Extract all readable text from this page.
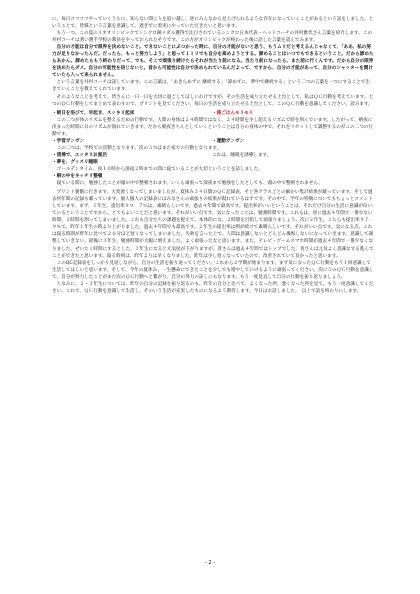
に、毎日コツコツやっていくうちに、知らない間に人を追い越し、逆にみんなから見上げられるような存在になっていくことがあるという話をしました。ということで、皆様という言葉を意識して、過ぎずに着実にやっていただきたいと思います。

もう一つ、この夏のリオオリンピックでシンクロ銅メダル獲得で注目されているシンクロ日本代表・ヘッドコーチの井村雅代さん言葉を紹介します。この井村コーチは著い選手学校の教員をやっておられたそうです。この方がオリンピックが終わった後に話した言葉を読んでみます。

自分の才能は自分で限界を決めないこと。できないことにぶつかった時に、自分の才能がないと思う、もうムリだと考えるんじゃなくて、「ああ、私の努力が足りなかったんだ。だったら、もっと努力しよう」と思って１ミリでも自分を高めようとする。諦めることはいつでもできるということ。だから諦めたらあかん。諦めたらもう終わりだって、でも、そこで頑張り続けたらそれが当たり前になる。当たり前になったら、また前に行くんです。だから自分の限界を決めたらダメ。自分の可能性を信じないと。昔から可能性は自分で決められているんだよって、ですから、自分の才能があって、自分のシャッターを開けていたら入って来られません。

という言葉を井村コーチは話しています。この言葉は、「あきらめずに 継続する」「諦めずに、夢中で継続する」という二つの言葉を一つにすることで生きていくことを教えてくれています。

そのようなことを考えて、皆さんに一日一日を大切に過ごしてほしいわけですが、その生活を成り立たせる土台として、私はＱＣ行動を考えています。七つのＱＣ行動をしてまとめて表わすので、プリントを見てください。毎日の生活を成り立たせる土台として、このＱＣ行動を意識してください。読みます。

・朝日を浴びて、早起き、スッキリ起床	・寝ごはんモリモリ

この二つが体のリズムを整えるための行動です。人間の身体は２４時間ではなく、２４時間を少し超えるリズムで時を刻んでいます。したがって、朝夜に決まった時間に日のリズムが崩れていきます。だから朝夜きちんとしていくということは自分の身体の中で、それをリセットして調整するのがこの二つの行動です。

・学習ガンガン	・運動ガンガン

この二つは、学校での活動となります。次の３つはまた家での行動となります。

・清掃で、ユッタリお風呂	これは、睡眠を誘導します。
・夢を、グッスリ睡眠

ゴールデンタイム、夜１０時から深夜２時までの間に寝ていることが大切ということを話しました。

・朝の中をキッチリ整頓

寝ている間に、勉強したことが頭の中で整頓されます。いくら頑張って深夜まで勉強をしたとしても、頭の中で整頓されません。

プリント裏側に行きます。大変遅くなってしまいましたが、夏休み３４日間のＱＣ記録表、そと各クラスごとの細かい集計結果が載っています。そして過去何年間の記録も載っています。個人個人の記録表にはみなさんの頑張りの結果が現れているはずです。その中で、学年の特徴についてもちょっとコメントしています。まず、１年生。提出率９９．７％は、素晴らしいです。過去４年間で最高です。提出率がいいということは、それだけ自分の生活に意識が向いているということですから、とてもよいことだと思います。それがいい点です。気になったことは、勉強時間です。これらは、逆に過去４年間で一番少ない時間、２時間を割ってしまいました。これも自分たちの課題を捉えて、本体的にな、２時間を目指して頑張りましょう。次に２年生。こちらも提出率９７．９％で、昨年１年生の時より上がりました。過去４年間でも最高です。２年生の提出率は例が続けて素晴らしいです。それがいい点です。気になる点。これは寝る時間が昨年に比べて２０分ほど遅くなってしまいました。失敗を言った上で、人間は意識しないとどんどん後悔しないになっていきます。意識して調整していきない、最後に３年生。勉強時間が大幅に増えました。よく頑張ったなと思います。また、テレビ・ゲームスマホ時間が過去４年間で一番少なくなりました。ぜいたく時間にするとした。３年生になると元気度が下がりますが、普さんは過去４年間ではトップでした。普さんは元気よく意識なする進んでことができたと思います。寝る時刻は、昨年よりは早くなりました。昨年は少し遅くなっていたので、改善されていて良かったと思います。

このQC記録表をしっかり見返しながら、自分の生活を振り返ってください。これから２学期が始まります。まず気になったＱＣ行動をもう１回意識して生活してほしいと思います。そして、今年の夏休み、一生懸命にできたことを少しでも増やしていけるように頑張ってください。次にこのＱＣ行動を意識して、自分が努力したことがまた次のＱＣ行動へと繋がり、自分の努力の証しにもなります。もう一度見直して自分の行動を振り返りましょう。

ちなみに、２・３年生については、昨年の自分の記録を振り返るのも、昨年の自分と比べて、よくなった所、悪くなった所を見て、もう一度意識してください。これで、ＱＣ行動を意識して生活し、そのいう生活が充実したものになるよう期待します。今日はお話しました。　以上で話を終わりにします。

- 2 -
